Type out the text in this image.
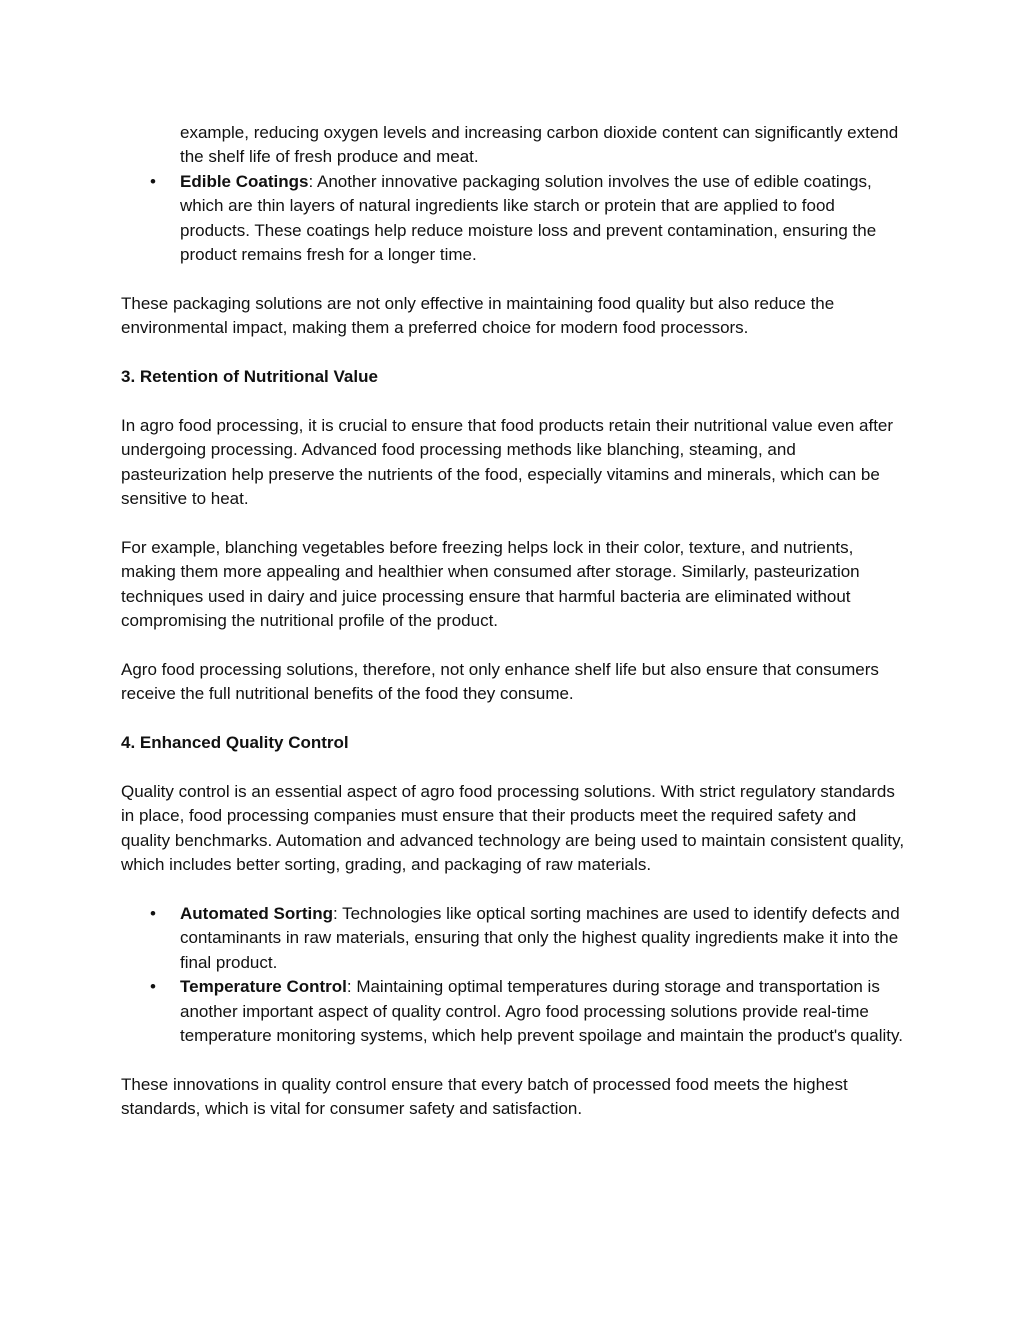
example, reducing oxygen levels and increasing carbon dioxide content can significantly extend the shelf life of fresh produce and meat.

• Edible Coatings: Another innovative packaging solution involves the use of edible coatings, which are thin layers of natural ingredients like starch or protein that are applied to food products. These coatings help reduce moisture loss and prevent contamination, ensuring the product remains fresh for a longer time.

These packaging solutions are not only effective in maintaining food quality but also reduce the environmental impact, making them a preferred choice for modern food processors.

3. Retention of Nutritional Value

In agro food processing, it is crucial to ensure that food products retain their nutritional value even after undergoing processing. Advanced food processing methods like blanching, steaming, and pasteurization help preserve the nutrients of the food, especially vitamins and minerals, which can be sensitive to heat.

For example, blanching vegetables before freezing helps lock in their color, texture, and nutrients, making them more appealing and healthier when consumed after storage. Similarly, pasteurization techniques used in dairy and juice processing ensure that harmful bacteria are eliminated without compromising the nutritional profile of the product.

Agro food processing solutions, therefore, not only enhance shelf life but also ensure that consumers receive the full nutritional benefits of the food they consume.

4. Enhanced Quality Control

Quality control is an essential aspect of agro food processing solutions. With strict regulatory standards in place, food processing companies must ensure that their products meet the required safety and quality benchmarks. Automation and advanced technology are being used to maintain consistent quality, which includes better sorting, grading, and packaging of raw materials.

• Automated Sorting: Technologies like optical sorting machines are used to identify defects and contaminants in raw materials, ensuring that only the highest quality ingredients make it into the final product.
• Temperature Control: Maintaining optimal temperatures during storage and transportation is another important aspect of quality control. Agro food processing solutions provide real-time temperature monitoring systems, which help prevent spoilage and maintain the product's quality.

These innovations in quality control ensure that every batch of processed food meets the highest standards, which is vital for consumer safety and satisfaction.
